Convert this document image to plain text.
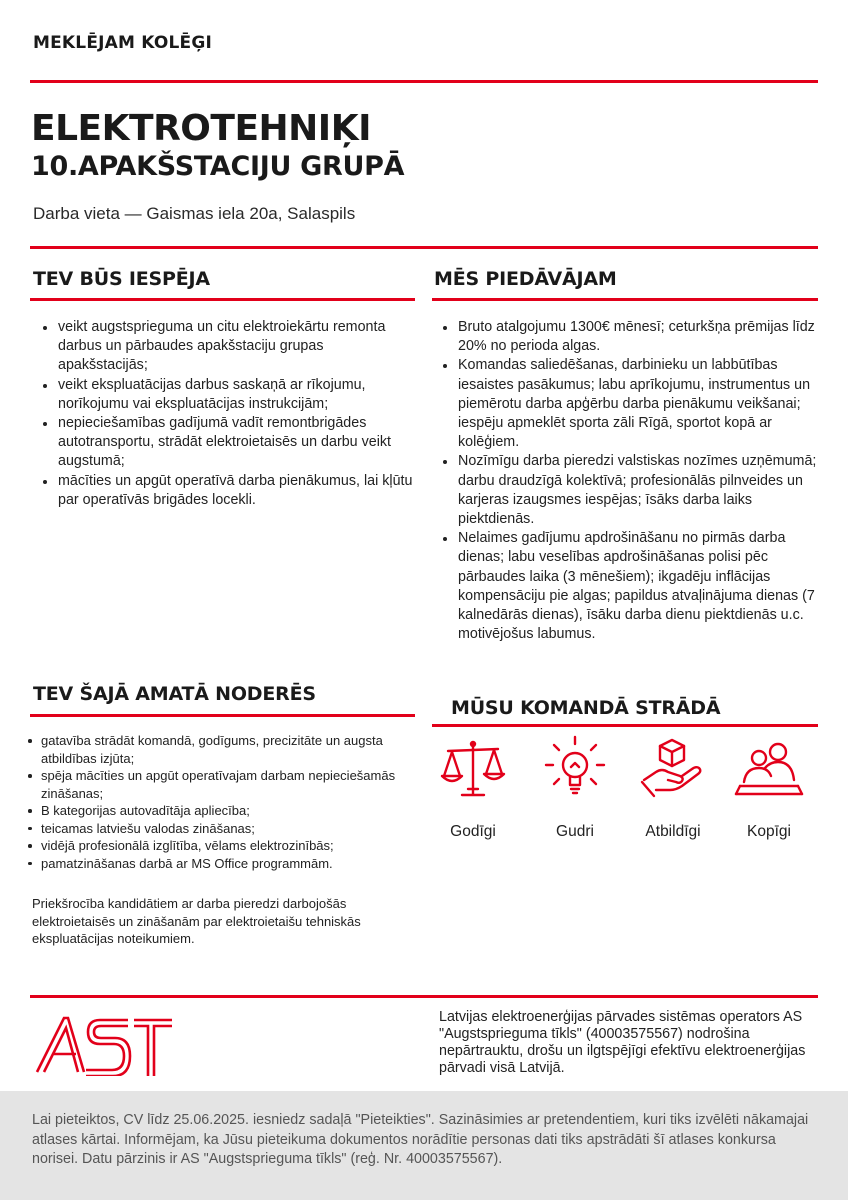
MEKLĒJAM KOLĒĢI
ELEKTROTEHNIĶI
10.APAKŠSTACIJU GRUPĀ
Darba vieta — Gaismas iela 20a, Salaspils
TEV BŪS IESPĒJA
veikt augstsprieguma un citu elektroiekārtu remonta darbus un pārbaudes apakšstaciju grupas apakšstacijās;
veikt ekspluatācijas darbus saskaņā ar rīkojumu, norīkojumu vai ekspluatācijas instrukcijām;
nepieciešamības gadījumā vadīt remontbrigādes autotransportu, strādāt elektroietaisēs un darbu veikt augstumā;
mācīties un apgūt operatīvā darba pienākumus, lai kļūtu par operatīvās brigādes locekli.
MĒS PIEDĀVĀJAM
Bruto atalgojumu 1300€ mēnesī; ceturkšņa prēmijas līdz 20% no perioda algas.
Komandas saliedēšanas, darbinieku un labbūtības iesaistes pasākumus; labu aprīkojumu, instrumentus un piemērotu darba apģērbu darba pienākumu veikšanai; iespēju apmeklēt sporta zāli Rīgā, sportot kopā ar kolēģiem.
Nozīmīgu darba pieredzi valstiskas nozīmes uzņēmumā; darbu draudzīgā kolektīvā; profesionālās pilnveides un karjeras izaugsmes iespējas; īsāks darba laiks piektdienās.
Nelaimes gadījumu apdrošināšanu no pirmās darba dienas; labu veselības apdrošināšanas polisi pēc pārbaudes laika (3 mēnešiem); ikgadēju inflācijas kompensāciju pie algas; papildus atvaļinājuma dienas (7 kalnedārās dienas), īsāku darba dienu piektdienās u.c. motivējošus labumus.
TEV ŠAJĀ AMATĀ NODERĒS
gatavība strādāt komandā, godīgums, precizitāte un augsta atbildības izjūta;
spēja mācīties un apgūt operatīvajam darbam nepieciešamās zināšanas;
B kategorijas autovadītāja apliecība;
teicamas latviešu valodas zināšanas;
vidējā profesionālā izglītība, vēlams elektrozinībās;
pamatzināšanas darbā ar MS Office programmām.
Priekšrocība kandidātiem ar darba pieredzi darbojošās elektroietaisēs un zināšanām par elektroietaišu tehniskās ekspluatācijas noteikumiem.
MŪSU KOMANDĀ STRĀDĀ
Godīgi	Gudri	Atbildīgi	Kopīgi
Latvijas elektroenerģijas pārvades sistēmas operators AS "Augstsprieguma tīkls" (40003575567) nodrošina nepārtrauktu, drošu un ilgtspējīgi efektīvu elektroenerģijas pārvadi visā Latvijā.
Lai pieteiktos, CV līdz 25.06.2025. iesniedz sadaļā "Pieteikties". Sazināsimies ar pretendentiem, kuri tiks izvēlēti nākamajai atlases kārtai. Informējam, ka Jūsu pieteikuma dokumentos norādītie personas dati tiks apstrādāti šī atlases konkursa norisei. Datu pārzinis ir AS "Augstsprieguma tīkls" (reģ. Nr. 40003575567).
